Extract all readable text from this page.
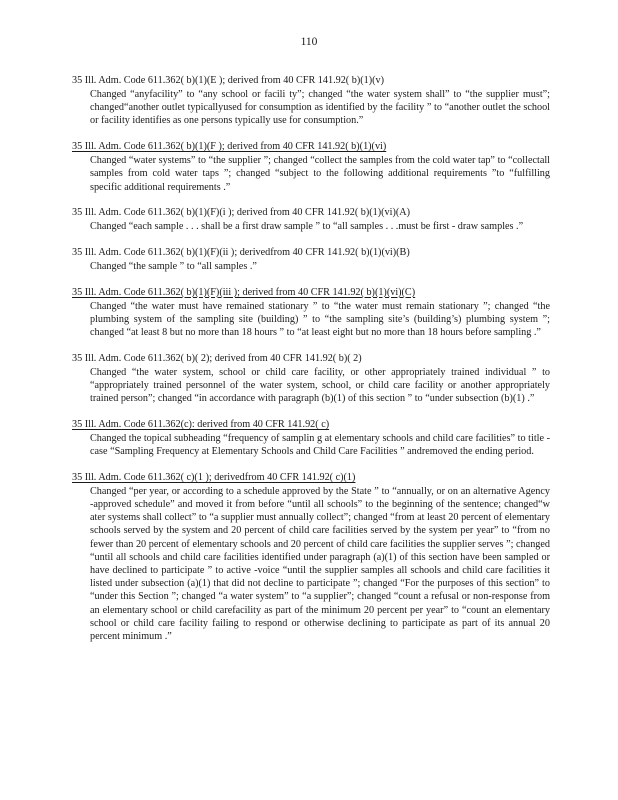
110
35 Ill. Adm. Code 611.362( b)(1)(E ); derived from 40 CFR 141.92( b)(1)(v)
Changed “anyfacility” to “any school or facili ty”; changed “the water system shall” to “the supplier must”; changed“another outlet typicallyused for consumption as identified by the facility ” to “another outlet the school or facility identifies as one persons typically use for consumption.”
35 Ill. Adm. Code 611.362( b)(1)(F ); derived from 40 CFR 141.92( b)(1)(vi)
Changed “water systems” to “the supplier ”; changed “collect the samples from the cold water tap” to “collectall samples from cold water taps ”; changed “subject to the following additional requirements ”to “fulfilling specific additional requirements .”
35 Ill. Adm. Code 611.362( b)(1)(F)(i ); derived from 40 CFR 141.92( b)(1)(vi)(A)
Changed “each sample . . . shall be a first draw sample ” to “all samples . . .must be first - draw samples .”
35 Ill. Adm. Code 611.362( b)(1)(F)(ii ); derivedfrom 40 CFR 141.92( b)(1)(vi)(B)
Changed “the sample ” to “all samples .”
35 Ill. Adm. Code 611.362( b)(1)(F)(iii ); derived from 40 CFR 141.92( b)(1)(vi)(C)
Changed “the water must have remained stationary ” to “the water must remain stationary ”; changed “the plumbing system of the sampling site (building) ” to “the sampling site’s (building’s) plumbing system ”; changed “at least 8 but no more than 18 hours ” to “at least eight but no more than 18 hours before sampling .”
35 Ill. Adm. Code 611.362( b)( 2); derived from 40 CFR 141.92( b)( 2)
Changed “the water system, school or child care facility, or other appropriately trained individual ” to “appropriately trained personnel of the water system, school, or child care facility or another appropriately trained person”; changed “in accordance with paragraph (b)(1) of this section ” to “under subsection (b)(1) .”
35 Ill. Adm. Code 611.362(c): derived from 40 CFR 141.92( c)
Changed the topical subheading “frequency of samplin g at elementary schools and child care facilities” to title -case “Sampling Frequency at Elementary Schools and Child Care Facilities ” andremoved the ending period.
35 Ill. Adm. Code 611.362( c)(1 ); derivedfrom 40 CFR 141.92( c)(1)
Changed “per year, or according to a schedule approved by the State ” to “annually, or on an alternative Agency -approved schedule” and moved it from before “until all schools” to the beginning of the sentence; changed“w ater systems shall collect” to “a supplier must annually collect”; changed “from at least 20 percent of elementary schools served by the system and 20 percent of child care facilities served by the system per year” to “from no fewer than 20 percent of elementary schools and 20 percent of child care facilities the supplier serves ”; changed “until all schools and child care facilities identified under paragraph (a)(1) of this section have been sampled or have declined to participate ” to active -voice “until the supplier samples all schools and child care facilities it listed under subsection (a)(1) that did not decline to participate ”; changed “For the purposes of this section” to “under this Section ”; changed “a water system” to “a supplier”; changed “count a refusal or non-response from an elementary school or child carefacility as part of the minimum 20 percent per year” to “count an elementary school or child care facility failing to respond or otherwise declining to participate as part of its annual 20 percent minimum .”
